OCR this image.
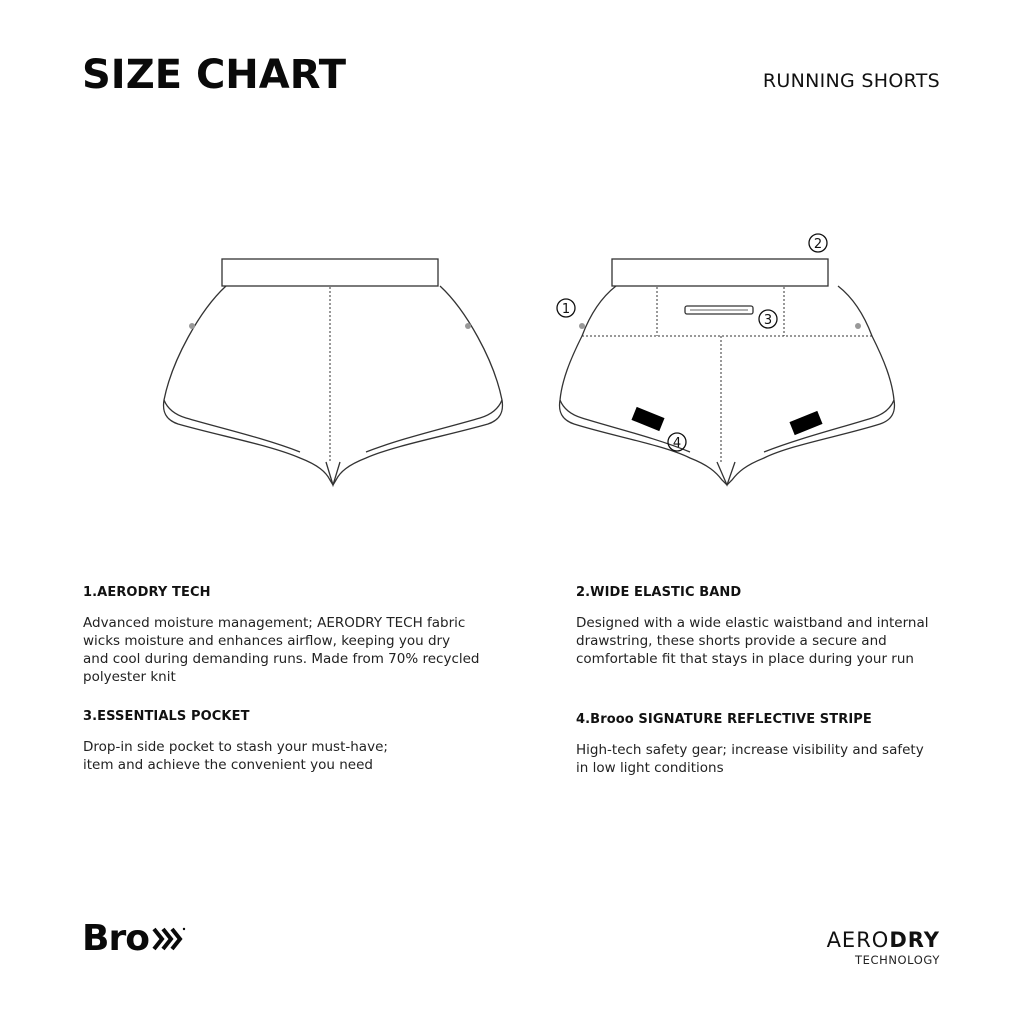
SIZE CHART	RUNNING SHORTS
1
2
3
4
1.AERODRY TECH

Advanced moisture management; AERODRY TECH fabric
wicks moisture and enhances airflow, keeping you dry
and cool during demanding runs. Made from 70% recycled
polyester knit

2.WIDE ELASTIC BAND

Designed with a wide elastic waistband and internal
drawstring, these shorts provide a secure and
comfortable fit that stays in place during your run

3.ESSENTIALS POCKET

Drop-in side pocket to stash your must-have;
item and achieve the convenient you need

4.Brooo SIGNATURE REFLECTIVE STRIPE

High-tech safety gear; increase visibility and safety
in low light conditions

Bro	AERODRY
TECHNOLOGY
